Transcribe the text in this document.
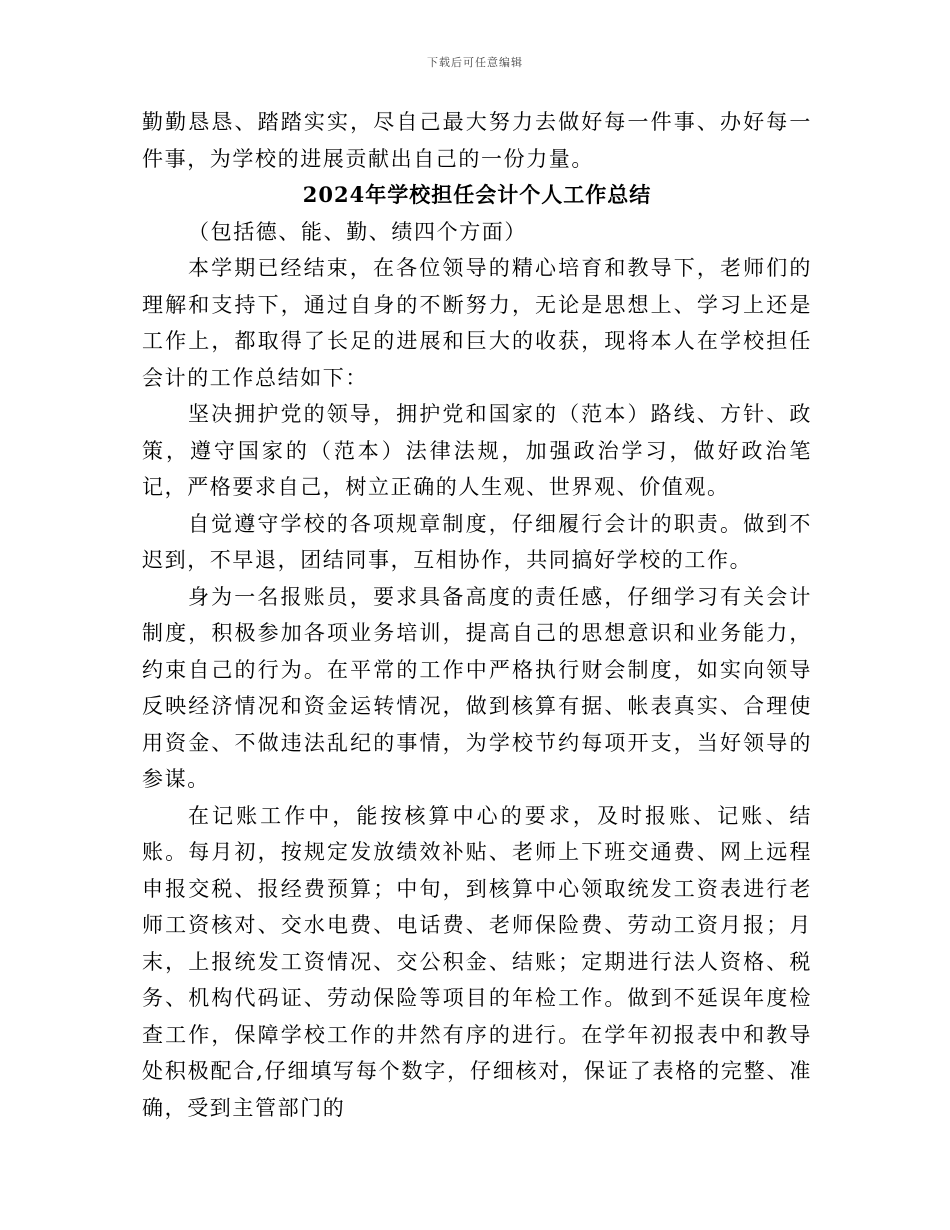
下载后可任意编辑

勤勤恳恳、踏踏实实，尽自己最大努力去做好每一件事、办好每一件事，为学校的进展贡献出自己的一份力量。

2024年学校担任会计个人工作总结

（包括德、能、勤、绩四个方面）

本学期已经结束，在各位领导的精心培育和教导下，老师们的理解和支持下，通过自身的不断努力，无论是思想上、学习上还是工作上，都取得了长足的进展和巨大的收获，现将本人在学校担任会计的工作总结如下：

坚决拥护党的领导，拥护党和国家的（范本）路线、方针、政策，遵守国家的（范本）法律法规，加强政治学习，做好政治笔记，严格要求自己，树立正确的人生观、世界观、价值观。

自觉遵守学校的各项规章制度，仔细履行会计的职责。做到不迟到，不早退，团结同事，互相协作，共同搞好学校的工作。

身为一名报账员，要求具备高度的责任感，仔细学习有关会计制度，积极参加各项业务培训，提高自己的思想意识和业务能力，约束自己的行为。在平常的工作中严格执行财会制度，如实向领导反映经济情况和资金运转情况，做到核算有据、帐表真实、合理使用资金、不做违法乱纪的事情，为学校节约每项开支，当好领导的参谋。

在记账工作中，能按核算中心的要求，及时报账、记账、结账。每月初，按规定发放绩效补贴、老师上下班交通费、网上远程申报交税、报经费预算；中旬，到核算中心领取统发工资表进行老师工资核对、交水电费、电话费、老师保险费、劳动工资月报；月末，上报统发工资情况、交公积金、结账；定期进行法人资格、税务、机构代码证、劳动保险等项目的年检工作。做到不延误年度检查工作，保障学校工作的井然有序的进行。在学年初报表中和教导处积极配合,仔细填写每个数字，仔细核对，保证了表格的完整、准确，受到主管部门的
